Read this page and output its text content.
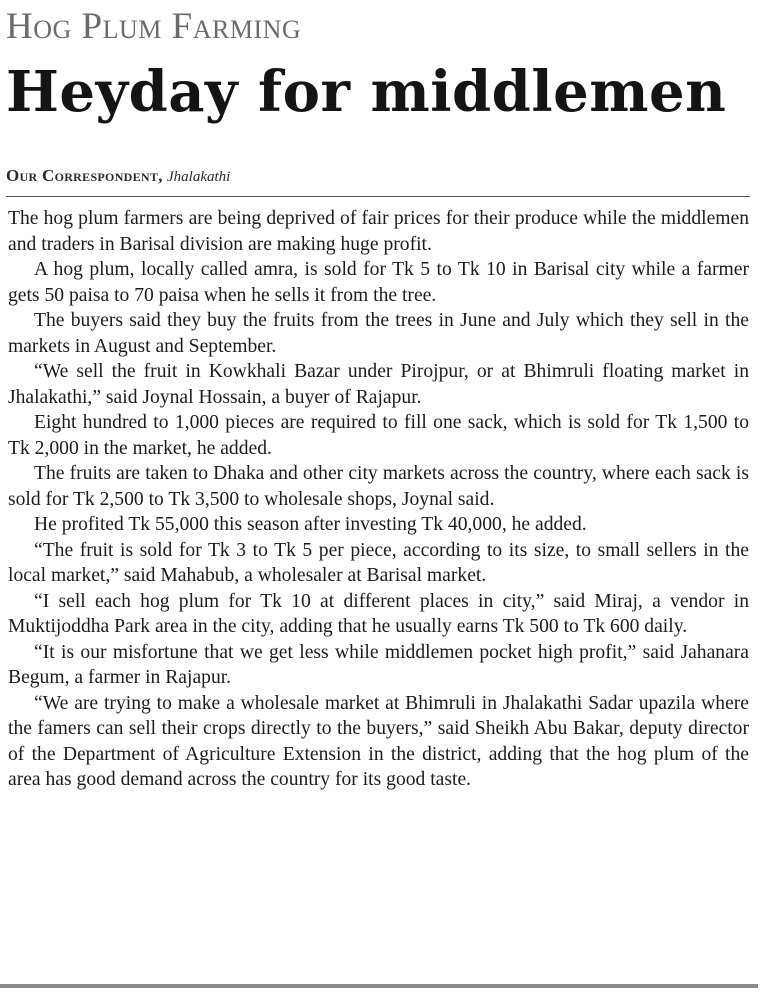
Hog Plum Farming
Heyday for middlemen
Our Correspondent, Jhalakathi

The hog plum farmers are being deprived of fair prices for their produce while the middlemen and traders in Barisal division are making huge profit.

A hog plum, locally called amra, is sold for Tk 5 to Tk 10 in Barisal city while a farmer gets 50 paisa to 70 paisa when he sells it from the tree.

The buyers said they buy the fruits from the trees in June and July which they sell in the markets in August and September.

“We sell the fruit in Kowkhali Bazar under Pirojpur, or at Bhimruli floating market in Jhalakathi,” said Joynal Hossain, a buyer of Rajapur.

Eight hundred to 1,000 pieces are required to fill one sack, which is sold for Tk 1,500 to Tk 2,000 in the market, he added.

The fruits are taken to Dhaka and other city markets across the country, where each sack is sold for Tk 2,500 to Tk 3,500 to wholesale shops, Joynal said.

He profited Tk 55,000 this season after investing Tk 40,000, he added.

“The fruit is sold for Tk 3 to Tk 5 per piece, according to its size, to small sellers in the local market,” said Mahabub, a wholesaler at Barisal market.

“I sell each hog plum for Tk 10 at different places in city,” said Miraj, a vendor in Muktijoddha Park area in the city, adding that he usually earns Tk 500 to Tk 600 daily.

“It is our misfortune that we get less while middlemen pocket high profit,” said Jahanara Begum, a farmer in Rajapur.

“We are trying to make a wholesale market at Bhimruli in Jhalakathi Sadar upazila where the famers can sell their crops directly to the buyers,” said Sheikh Abu Bakar, deputy director of the Department of Agriculture Extension in the district, adding that the hog plum of the area has good demand across the country for its good taste.
